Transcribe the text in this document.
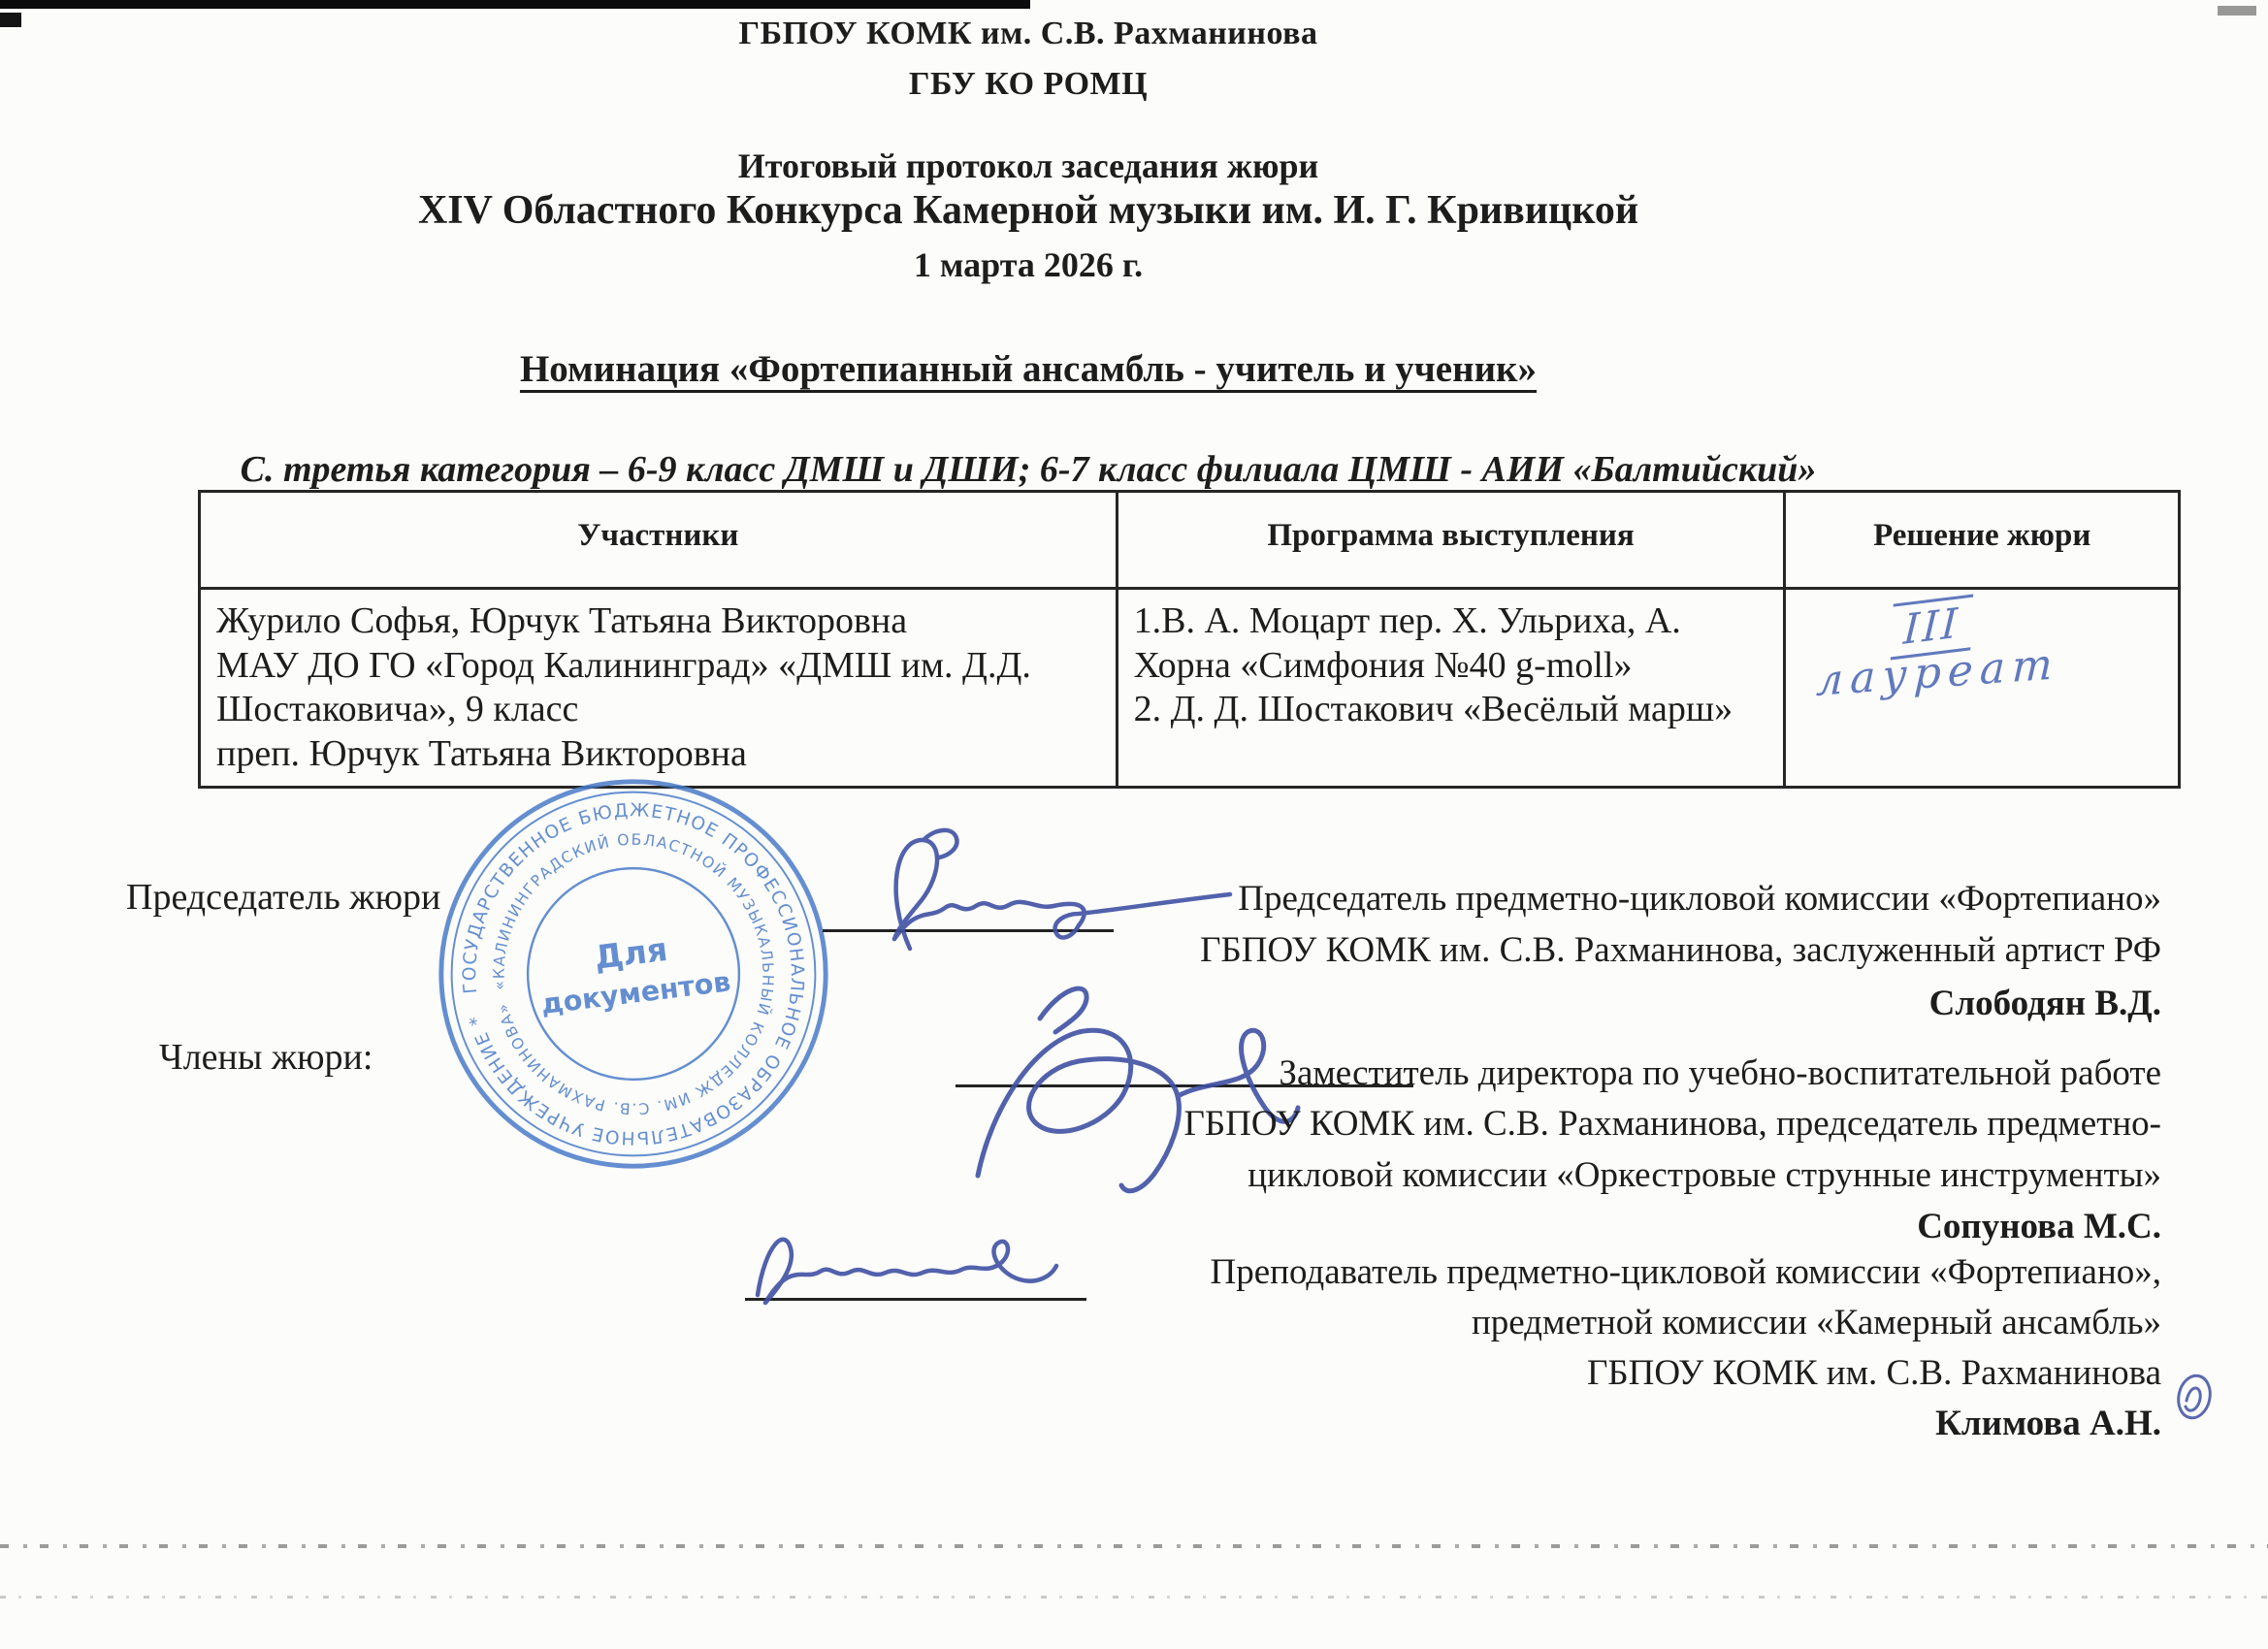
ГБПОУ КОМК им. С.В. Рахманинова
ГБУ КО РОМЦ
Итоговый протокол заседания жюри
XIV Областного Конкурса Камерной музыки им. И. Г. Кривицкой
1 марта 2026 г.
Номинация «Фортепианный ансамбль - учитель и ученик»
С. третья категория – 6-9 класс ДМШ и ДШИ; 6-7 класс филиала ЦМШ - АИИ «Балтийский»
Участники	Программа выступления	Решение жюри
Журило Софья, Юрчук Татьяна Викторовна
МАУ ДО ГО «Город Калининград» «ДМШ им. Д.Д. Шостаковича», 9 класс
преп. Юрчук Татьяна Викторовна
1.В. А. Моцарт пер. Х. Ульриха, А. Хорна «Симфония №40 g-moll»
2. Д. Д. Шостакович «Весёлый марш»
III
лауреат
ГОСУДАРСТВЕННОЕ БЮДЖЕТНОЕ ПРОФЕССИОНАЛЬНОЕ ОБРАЗОВАТЕЛЬНОЕ УЧРЕЖДЕНИЕ *
«КАЛИНИНГРАДСКИЙ ОБЛАСТНОЙ МУЗЫКАЛЬНЫЙ КОЛЛЕДЖ ИМ. С.В. РАХМАНИНОВА»
Для
документов
Председатель жюри
Члены жюри:
Председатель предметно-цикловой комиссии «Фортепиано»
ГБПОУ КОМК им. С.В. Рахманинова, заслуженный артист РФ
Слободян В.Д.
Заместитель директора по учебно-воспитательной работе
ГБПОУ КОМК им. С.В. Рахманинова, председатель предметно-
цикловой комиссии «Оркестровые струнные инструменты»
Сопунова М.С.
Преподаватель предметно-цикловой комиссии «Фортепиано»,
предметной комиссии «Камерный ансамбль»
ГБПОУ КОМК им. С.В. Рахманинова
Климова А.Н.
